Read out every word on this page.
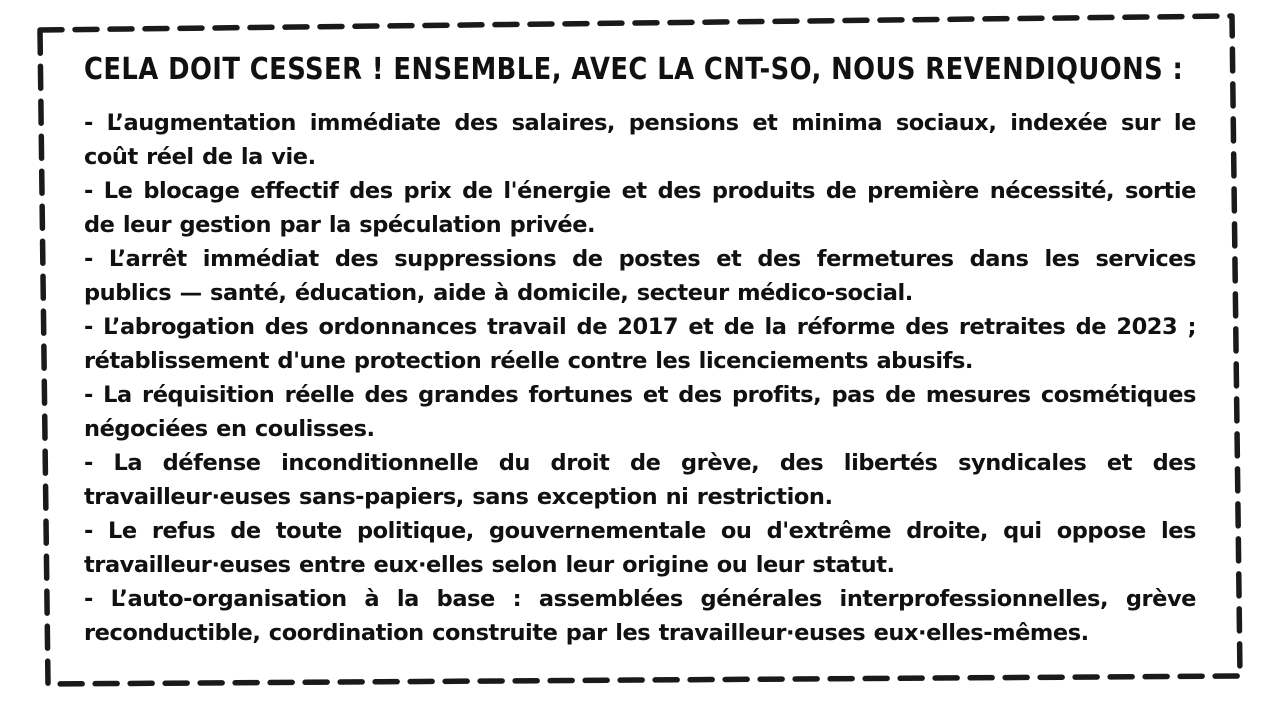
CELA DOIT CESSER ! ENSEMBLE, AVEC LA CNT-SO, NOUS REVENDIQUONS :
- L’augmentation immédiate des salaires, pensions et minima sociaux, indexée sur le coût réel de la vie.
- Le blocage effectif des prix de l'énergie et des produits de première nécessité, sortie de leur gestion par la spéculation privée.
- L’arrêt immédiat des suppressions de postes et des fermetures dans les services publics — santé, éducation, aide à domicile, secteur médico-social.
- L’abrogation des ordonnances travail de 2017 et de la réforme des retraites de 2023 ; rétablissement d'une protection réelle contre les licenciements abusifs.
- La réquisition réelle des grandes fortunes et des profits, pas de mesures cosmétiques négociées en coulisses.
- La défense inconditionnelle du droit de grève, des libertés syndicales et des travailleur·euses sans-papiers, sans exception ni restriction.
- Le refus de toute politique, gouvernementale ou d'extrême droite, qui oppose les travailleur·euses entre eux·elles selon leur origine ou leur statut.
- L’auto-organisation à la base : assemblées générales interprofessionnelles, grève reconductible, coordination construite par les travailleur·euses eux·elles-mêmes.
